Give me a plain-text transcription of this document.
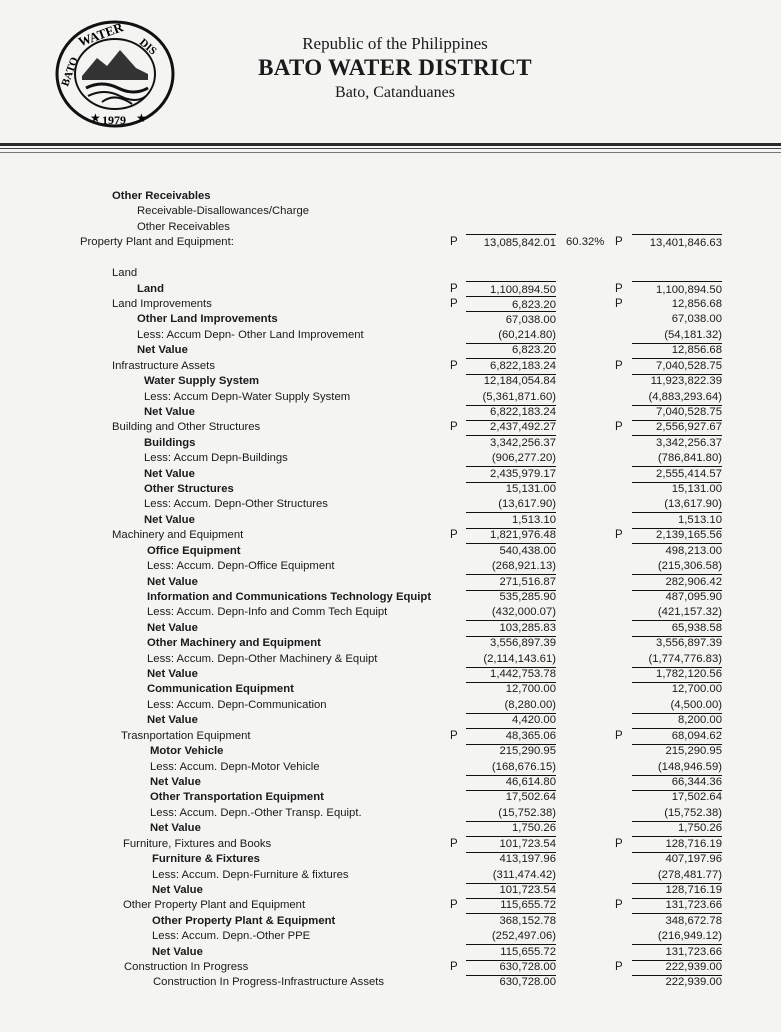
WATER DIS
BATO
1979
★	★
Republic of the Philippines
BATO WATER DISTRICT
Bato, Catanduanes
Other Receivables
Receivable-Disallowances/Charge
Other Receivables
Property Plant and Equipment:	P	13,085,842.01 60.32% P	13,401,846.63
Land
Land	P	1,100,894.50	P	1,100,894.50
Land Improvements	P	6,823.20	P	12,856.68
Other Land Improvements	67,038.00	67,038.00
Less: Accum Depn- Other Land Improvement	(60,214.80)	(54,181.32)
Net Value	6,823.20	12,856.68
Infrastructure Assets	P	6,822,183.24	P	7,040,528.75
Water Supply System	12,184,054.84	11,923,822.39
Less: Accum Depn-Water Supply System	(5,361,871.60)	(4,883,293.64)
Net Value	6,822,183.24	7,040,528.75
Building and Other Structures	P	2,437,492.27	P	2,556,927.67
Buildings	3,342,256.37	3,342,256.37
Less: Accum Depn-Buildings	(906,277.20)	(786,841.80)
Net Value	2,435,979.17	2,555,414.57
Other Structures	15,131.00	15,131.00
Less: Accum. Depn-Other Structures	(13,617.90)	(13,617.90)
Net Value	1,513.10	1,513.10
Machinery and Equipment	P	1,821,976.48	P	2,139,165.56
Office Equipment	540,438.00	498,213.00
Less: Accum. Depn-Office Equipment	(268,921.13)	(215,306.58)
Net Value	271,516.87	282,906.42
Information and Communications Technology Equipt	535,285.90	487,095.90
Less: Accum. Depn-Info and Comm Tech Equipt	(432,000.07)	(421,157.32)
Net Value	103,285.83	65,938.58
Other Machinery and Equipment	3,556,897.39	3,556,897.39
Less: Accum. Depn-Other Machinery & Equipt	(2,114,143.61)	(1,774,776.83)
Net Value	1,442,753.78	1,782,120.56
Communication Equipment	12,700.00	12,700.00
Less: Accum. Depn-Communication	(8,280.00)	(4,500.00)
Net Value	4,420.00	8,200.00
Trasnportation Equipment	P	48,365.06	P	68,094.62
Motor Vehicle	215,290.95	215,290.95
Less: Accum. Depn-Motor Vehicle	(168,676.15)	(148,946.59)
Net Value	46,614.80	66,344.36
Other Transportation Equipment	17,502.64	17,502.64
Less: Accum. Depn.-Other Transp. Equipt.	(15,752.38)	(15,752.38)
Net Value	1,750.26	1,750.26
Furniture, Fixtures and Books	P	101,723.54	P	128,716.19
Furniture & Fixtures	413,197.96	407,197.96
Less: Accum. Depn-Furniture & fixtures	(311,474.42)	(278,481.77)
Net Value	101,723.54	128,716.19
Other Property Plant and Equipment	P	115,655.72	P	131,723.66
Other Property Plant & Equipment	368,152.78	348,672.78
Less: Accum. Depn.-Other PPE	(252,497.06)	(216,949.12)
Net Value	115,655.72	131,723.66
Construction In Progress	P	630,728.00	P	222,939.00
Construction In Progress-Infrastructure Assets	630,728.00	222,939.00
